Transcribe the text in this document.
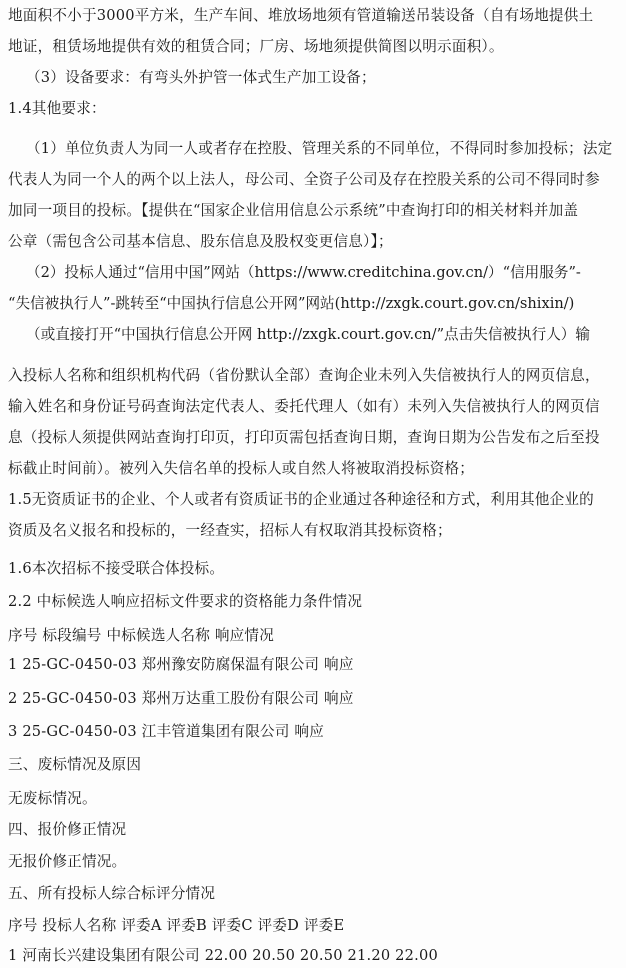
地面积不小于3000平方米，生产车间、堆放场地须有管道输送吊装设备（自有场地提供土
地证，租赁场地提供有效的租赁合同；厂房、场地须提供简图以明示面积）。
（3）设备要求：有弯头外护管一体式生产加工设备；
1.4其他要求：
（1）单位负责人为同一人或者存在控股、管理关系的不同单位，不得同时参加投标；法定
代表人为同一个人的两个以上法人，母公司、全资子公司及存在控股关系的公司不得同时参
加同一项目的投标。【提供在“国家企业信用信息公示系统”中查询打印的相关材料并加盖
公章（需包含公司基本信息、股东信息及股权变更信息）】；
（2）投标人通过“信用中国”网站（https://www.creditchina.gov.cn/）“信用服务”-
“失信被执行人”-跳转至“中国执行信息公开网”网站(http://zxgk.court.gov.cn/shixin/)
（或直接打开“中国执行信息公开网 http://zxgk.court.gov.cn/”点击失信被执行人）输
入投标人名称和组织机构代码（省份默认全部）查询企业未列入失信被执行人的网页信息，
输入姓名和身份证号码查询法定代表人、委托代理人（如有）未列入失信被执行人的网页信
息（投标人须提供网站查询打印页，打印页需包括查询日期，查询日期为公告发布之后至投
标截止时间前）。被列入失信名单的投标人或自然人将被取消投标资格；
1.5无资质证书的企业、个人或者有资质证书的企业通过各种途径和方式，利用其他企业的
资质及名义报名和投标的，一经查实，招标人有权取消其投标资格；
1.6本次招标不接受联合体投标。
2.2 中标候选人响应招标文件要求的资格能力条件情况
序号 标段编号 中标候选人名称 响应情况
1 25-GC-0450-03 郑州豫安防腐保温有限公司 响应
2 25-GC-0450-03 郑州万达重工股份有限公司 响应
3 25-GC-0450-03 江丰管道集团有限公司 响应
三、废标情况及原因
无废标情况。
四、报价修正情况
无报价修正情况。
五、所有投标人综合标评分情况
序号 投标人名称 评委A 评委B 评委C 评委D 评委E
1 河南长兴建设集团有限公司 22.00 20.50 20.50 21.20 22.00
